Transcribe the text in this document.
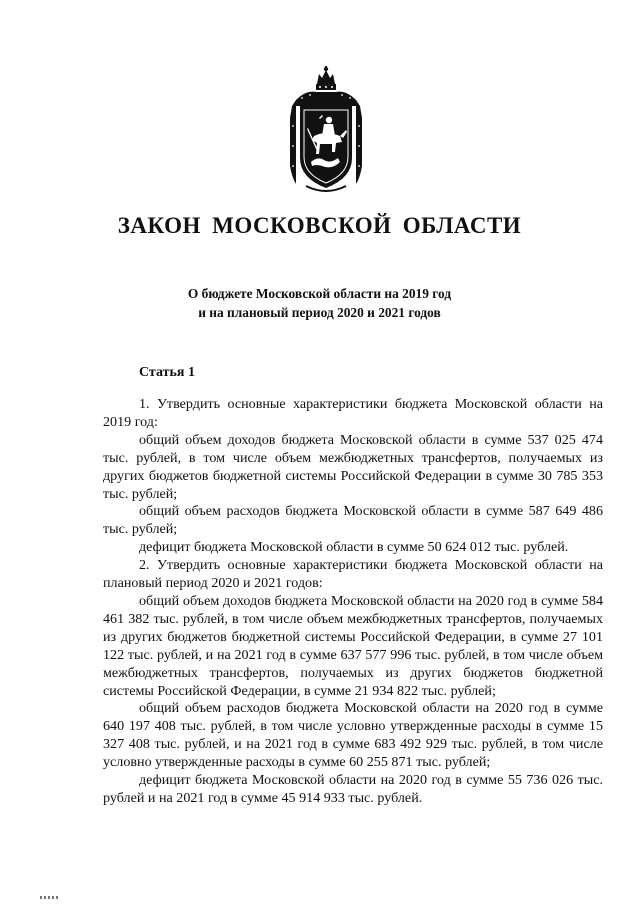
ЗАКОН МОСКОВСКОЙ ОБЛАСТИ
О бюджете Московской области на 2019 год
и на плановый период 2020 и 2021 годов
Статья 1

1. Утвердить основные характеристики бюджета Московской области на 2019 год:

общий объем доходов бюджета Московской области в сумме 537 025 474 тыс. рублей, в том числе объем межбюджетных трансфертов, получаемых из других бюджетов бюджетной системы Российской Федерации в сумме 30 785 353 тыс. рублей;

общий объем расходов бюджета Московской области в сумме 587 649 486 тыс. рублей;

дефицит бюджета Московской области в сумме 50 624 012 тыс. рублей.

2. Утвердить основные характеристики бюджета Московской области на плановый период 2020 и 2021 годов:

общий объем доходов бюджета Московской области на 2020 год в сумме 584 461 382 тыс. рублей, в том числе объем межбюджетных трансфертов, получаемых из других бюджетов бюджетной системы Российской Федерации, в сумме 27 101 122 тыс. рублей, и на 2021 год в сумме 637 577 996 тыс. рублей, в том числе объем межбюджетных трансфертов, получаемых из других бюджетов бюджетной системы Российской Федерации, в сумме 21 934 822 тыс. рублей;

общий объем расходов бюджета Московской области на 2020 год в сумме 640 197 408 тыс. рублей, в том числе условно утвержденные расходы в сумме 15 327 408 тыс. рублей, и на 2021 год в сумме 683 492 929 тыс. рублей, в том числе условно утвержденные расходы в сумме 60 255 871 тыс. рублей;

дефицит бюджета Московской области на 2020 год в сумме 55 736 026 тыс. рублей и на 2021 год в сумме 45 914 933 тыс. рублей.
